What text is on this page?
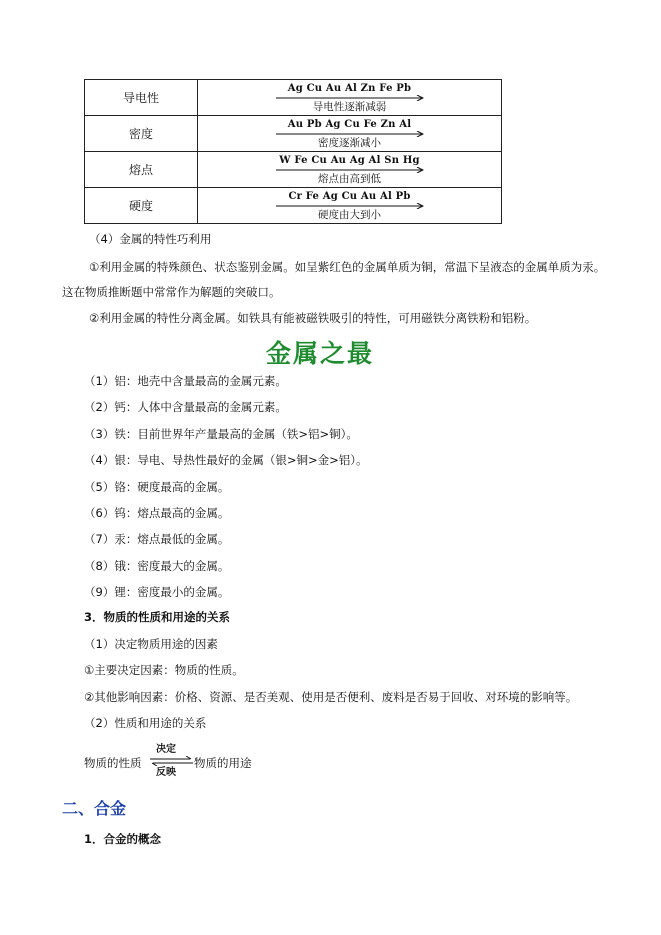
导电性	Ag Cu Au Al Zn Fe Pb
导电性逐渐减弱

密度	Au Pb Ag Cu Fe Zn Al
密度逐渐减小

熔点	W Fe Cu Au Ag Al Sn Hg
熔点由高到低

硬度	Cr Fe Ag Cu Au Al Pb
硬度由大到小
（4）金属的特性巧利用
①利用金属的特殊颜色、状态鉴别金属。如呈紫红色的金属单质为铜，常温下呈液态的金属单质为汞。
这在物质推断题中常常作为解题的突破口。
②利用金属的特性分离金属。如铁具有能被磁铁吸引的特性，可用磁铁分离铁粉和铝粉。
金属之最
（1）铝：地壳中含量最高的金属元素。
（2）钙：人体中含量最高的金属元素。
（3）铁：目前世界年产量最高的金属（铁>铝>铜）。
（4）银：导电、导热性最好的金属（银>铜>金>铝）。
（5）铬：硬度最高的金属。
（6）钨：熔点最高的金属。
（7）汞：熔点最低的金属。
（8）锇：密度最大的金属。
（9）锂：密度最小的金属。
3．物质的性质和用途的关系
（1）决定物质用途的因素
①主要决定因素：物质的性质。
②其他影响因素：价格、资源、是否美观、使用是否便利、废料是否易于回收、对环境的影响等。
（2）性质和用途的关系
物质的性质
决定
反映
物质的用途
二、合金
1．合金的概念
